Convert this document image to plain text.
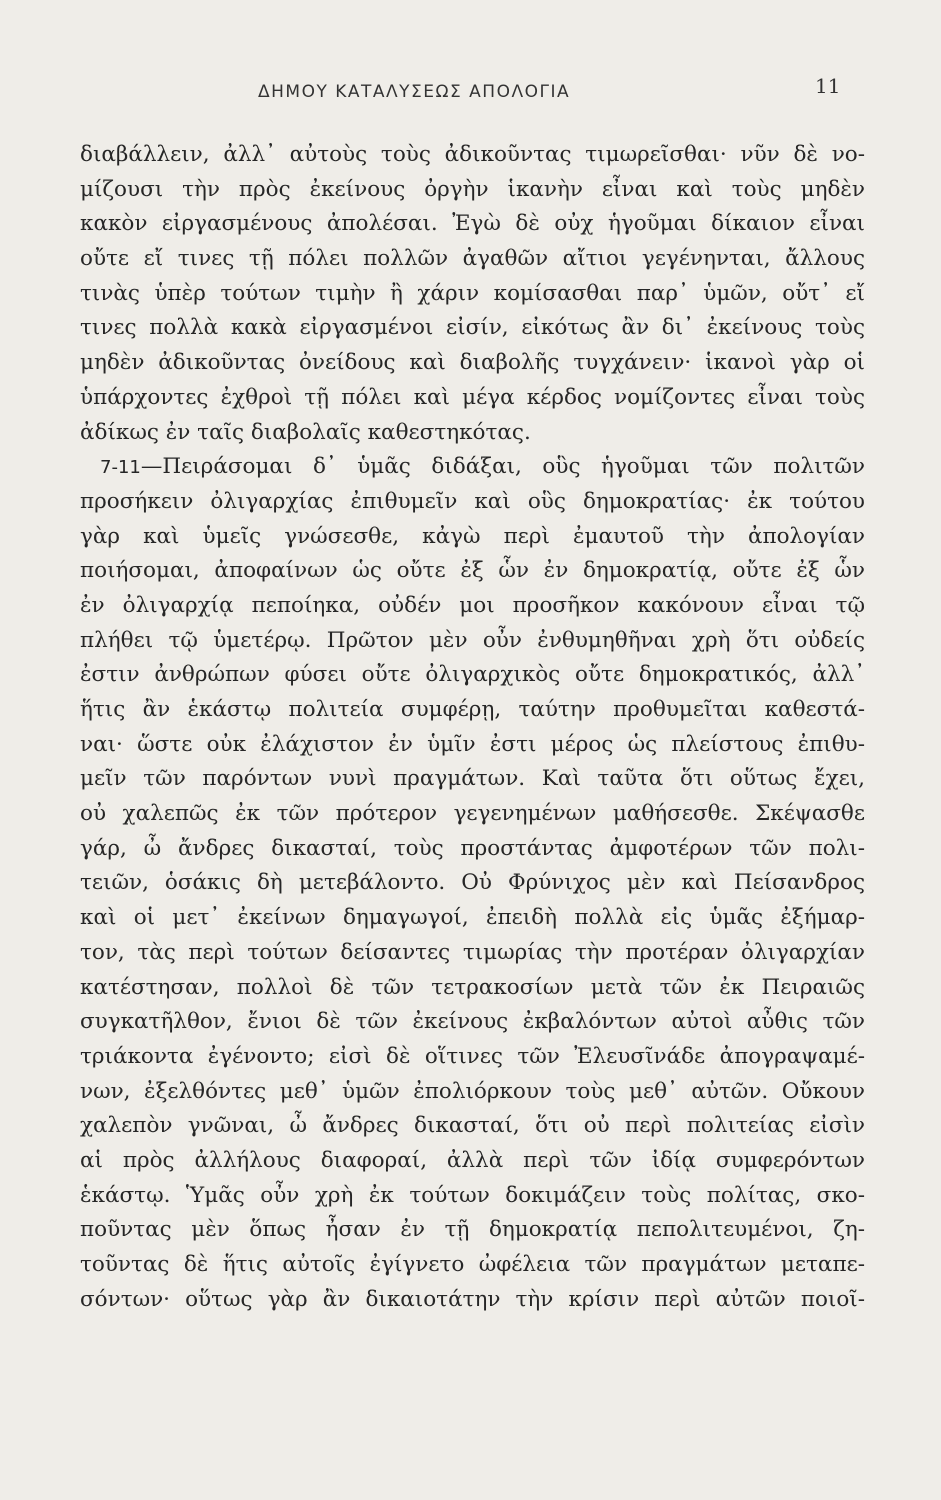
ΔΗΜΟΥ ΚΑΤΑΛΥΣΕΩΣ ΑΠΟΛΟΓΙΑ	11
διαβάλλειν, ἀλλ᾽ αὐτοὺς τοὺς ἀδικοῦντας τιμωρεῖσθαι· νῦν δὲ νο-
μίζουσι τὴν πρὸς ἐκείνους ὀργὴν ἱκανὴν εἶναι καὶ τοὺς μηδὲν
κακὸν εἰργασμένους ἀπολέσαι. Ἐγὼ δὲ οὐχ ἡγοῦμαι δίκαιον εἶναι
οὔτε εἴ τινες τῇ πόλει πολλῶν ἀγαθῶν αἴτιοι γεγένηνται, ἄλλους
τινὰς ὑπὲρ τούτων τιμὴν ἢ χάριν κομίσασθαι παρ᾽ ὑμῶν, οὔτ᾽ εἴ
τινες πολλὰ κακὰ εἰργασμένοι εἰσίν, εἰκότως ἂν δι᾽ ἐκείνους τοὺς
μηδὲν ἀδικοῦντας ὀνείδους καὶ διαβολῆς τυγχάνειν· ἱκανοὶ γὰρ οἱ
ὑπάρχοντες ἐχθροὶ τῇ πόλει καὶ μέγα κέρδος νομίζοντες εἶναι τοὺς
ἀδίκως ἐν ταῖς διαβολαῖς καθεστηκότας.
7-11—Πειράσομαι δ᾽ ὑμᾶς διδάξαι, οὓς ἡγοῦμαι τῶν πολιτῶν
προσήκειν ὀλιγαρχίας ἐπιθυμεῖν καὶ οὓς δημοκρατίας· ἐκ τούτου
γὰρ καὶ ὑμεῖς γνώσεσθε, κἀγὼ περὶ ἐμαυτοῦ τὴν ἀπολογίαν
ποιήσομαι, ἀποφαίνων ὡς οὔτε ἐξ ὧν ἐν δημοκρατίᾳ, οὔτε ἐξ ὧν
ἐν ὀλιγαρχίᾳ πεποίηκα, οὐδέν μοι προσῆκον κακόνουν εἶναι τῷ
πλήθει τῷ ὑμετέρῳ. Πρῶτον μὲν οὖν ἐνθυμηθῆναι χρὴ ὅτι οὐδείς
ἐστιν ἀνθρώπων φύσει οὔτε ὀλιγαρχικὸς οὔτε δημοκρατικός, ἀλλ᾽
ἥτις ἂν ἑκάστῳ πολιτεία συμφέρῃ, ταύτην προθυμεῖται καθεστά-
ναι· ὥστε οὐκ ἐλάχιστον ἐν ὑμῖν ἐστι μέρος ὡς πλείστους ἐπιθυ-
μεῖν τῶν παρόντων νυνὶ πραγμάτων. Καὶ ταῦτα ὅτι οὕτως ἔχει,
οὐ χαλεπῶς ἐκ τῶν πρότερον γεγενημένων μαθήσεσθε. Σκέψασθε
γάρ, ὦ ἄνδρες δικασταί, τοὺς προστάντας ἀμφοτέρων τῶν πολι-
τειῶν, ὁσάκις δὴ μετεβάλοντο. Οὐ Φρύνιχος μὲν καὶ Πείσανδρος
καὶ οἱ μετ᾽ ἐκείνων δημαγωγοί, ἐπειδὴ πολλὰ εἰς ὑμᾶς ἐξήμαρ-
τον, τὰς περὶ τούτων δείσαντες τιμωρίας τὴν προτέραν ὀλιγαρχίαν
κατέστησαν, πολλοὶ δὲ τῶν τετρακοσίων μετὰ τῶν ἐκ Πειραιῶς
συγκατῆλθον, ἔνιοι δὲ τῶν ἐκείνους ἐκβαλόντων αὐτοὶ αὖθις τῶν
τριάκοντα ἐγένοντο; εἰσὶ δὲ οἵτινες τῶν Ἐλευσῖνάδε ἀπογραψαμέ-
νων, ἐξελθόντες μεθ᾽ ὑμῶν ἐπολιόρκουν τοὺς μεθ᾽ αὐτῶν. Οὔκουν
χαλεπὸν γνῶναι, ὦ ἄνδρες δικασταί, ὅτι οὐ περὶ πολιτείας εἰσὶν
αἱ πρὸς ἀλλήλους διαφοραί, ἀλλὰ περὶ τῶν ἰδίᾳ συμφερόντων
ἑκάστῳ. Ὑμᾶς οὖν χρὴ ἐκ τούτων δοκιμάζειν τοὺς πολίτας, σκο-
ποῦντας μὲν ὅπως ἦσαν ἐν τῇ δημοκρατίᾳ πεπολιτευμένοι, ζη-
τοῦντας δὲ ἥτις αὐτοῖς ἐγίγνετο ὠφέλεια τῶν πραγμάτων μεταπε-
σόντων· οὕτως γὰρ ἂν δικαιοτάτην τὴν κρίσιν περὶ αὐτῶν ποιοῖ-
